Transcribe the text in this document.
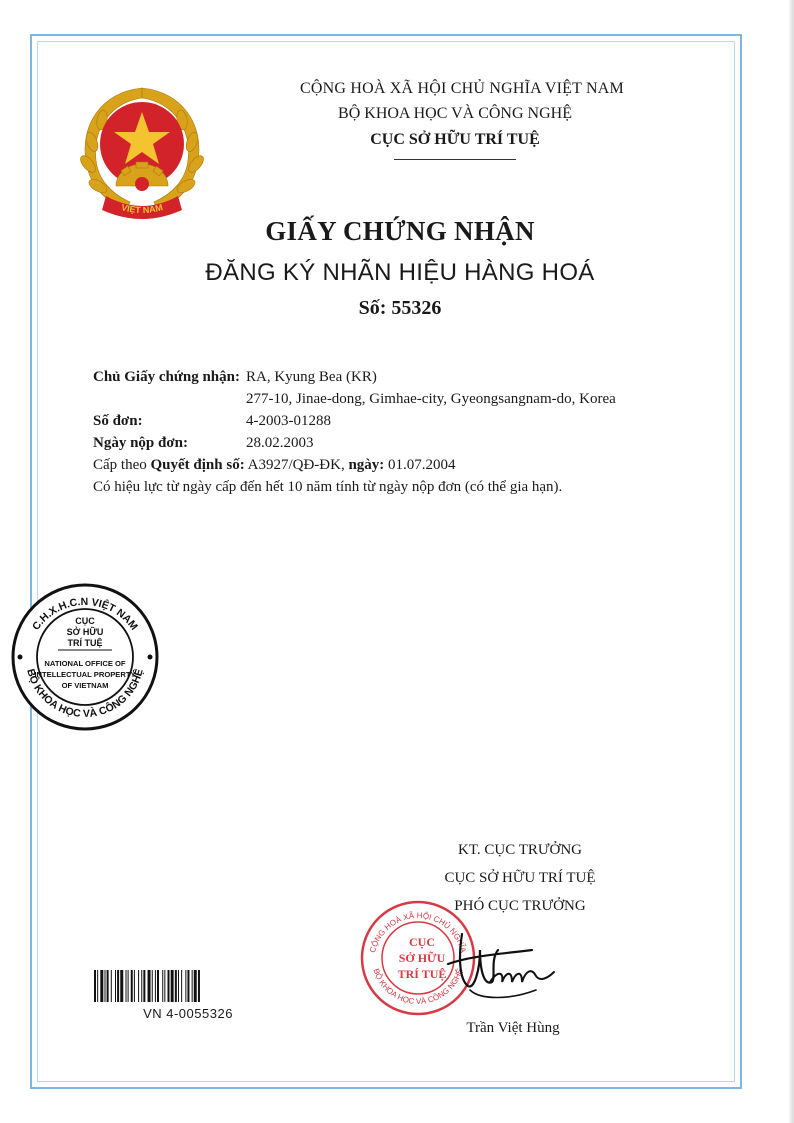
VIỆT NAM
CỘNG HOÀ XÃ HỘI CHỦ NGHĨA VIỆT NAM
BỘ KHOA HỌC VÀ CÔNG NGHỆ
CỤC SỞ HỮU TRÍ TUỆ
GIẤY CHỨNG NHẬN
ĐĂNG KÝ NHÃN HIỆU HÀNG HOÁ
Số: 55326
Chủ Giấy chứng nhận: RA, Kyung Bea (KR)
277-10, Jinae-dong, Gimhae-city, Gyeongsangnam-do, Korea
Số đơn:	4-2003-01288
Ngày nộp đơn:	28.02.2003
Cấp theo Quyết định số: A3927/QĐ-ĐK, ngày: 01.07.2004
Có hiệu lực từ ngày cấp đến hết 10 năm tính từ ngày nộp đơn (có thể gia hạn).
C.H.X.H.C.N VIỆT NAM
BỘ KHOA HỌC VÀ CÔNG NGHỆ
CỤC
SỞ HỮU
TRÍ TUỆ
NATIONAL OFFICE OF
INTELLECTUAL PROPERTY
OF VIETNAM
KT. CỤC TRƯỞNG
CỤC SỞ HỮU TRÍ TUỆ
PHÓ CỤC TRƯỞNG
CỘNG HOÀ XÃ HỘI CHỦ NGHĨA
BỘ KHOA HỌC VÀ CÔNG NGHỆ
CỤC
SỞ HỮU
TRÍ TUỆ
Trần Việt Hùng
VN 4-0055326
